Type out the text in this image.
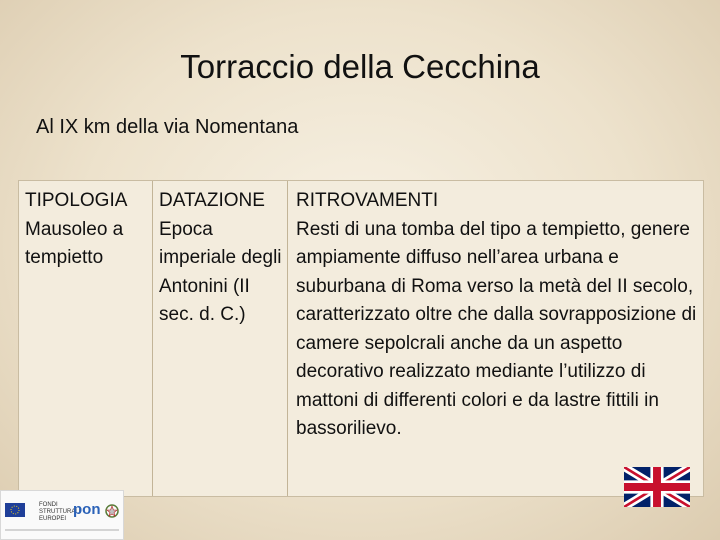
Torraccio della Cecchina
Al IX km della via Nomentana
TIPOLOGIA
Mausoleo a tempietto
DATAZIONE
Epoca imperiale degli Antonini (II sec. d. C.)
RITROVAMENTI
Resti di una tomba del tipo a tempietto, genere ampiamente diffuso nell’area urbana e suburbana di Roma verso la metà del II secolo, caratterizzato oltre che dalla sovrapposizione di camere sepolcrali anche da un aspetto decorativo realizzato mediante l’utilizzo di mattoni di differenti colori e da lastre fittili in bassorilievo.
FONDI STRUTTURALI EUROPEI
pon
